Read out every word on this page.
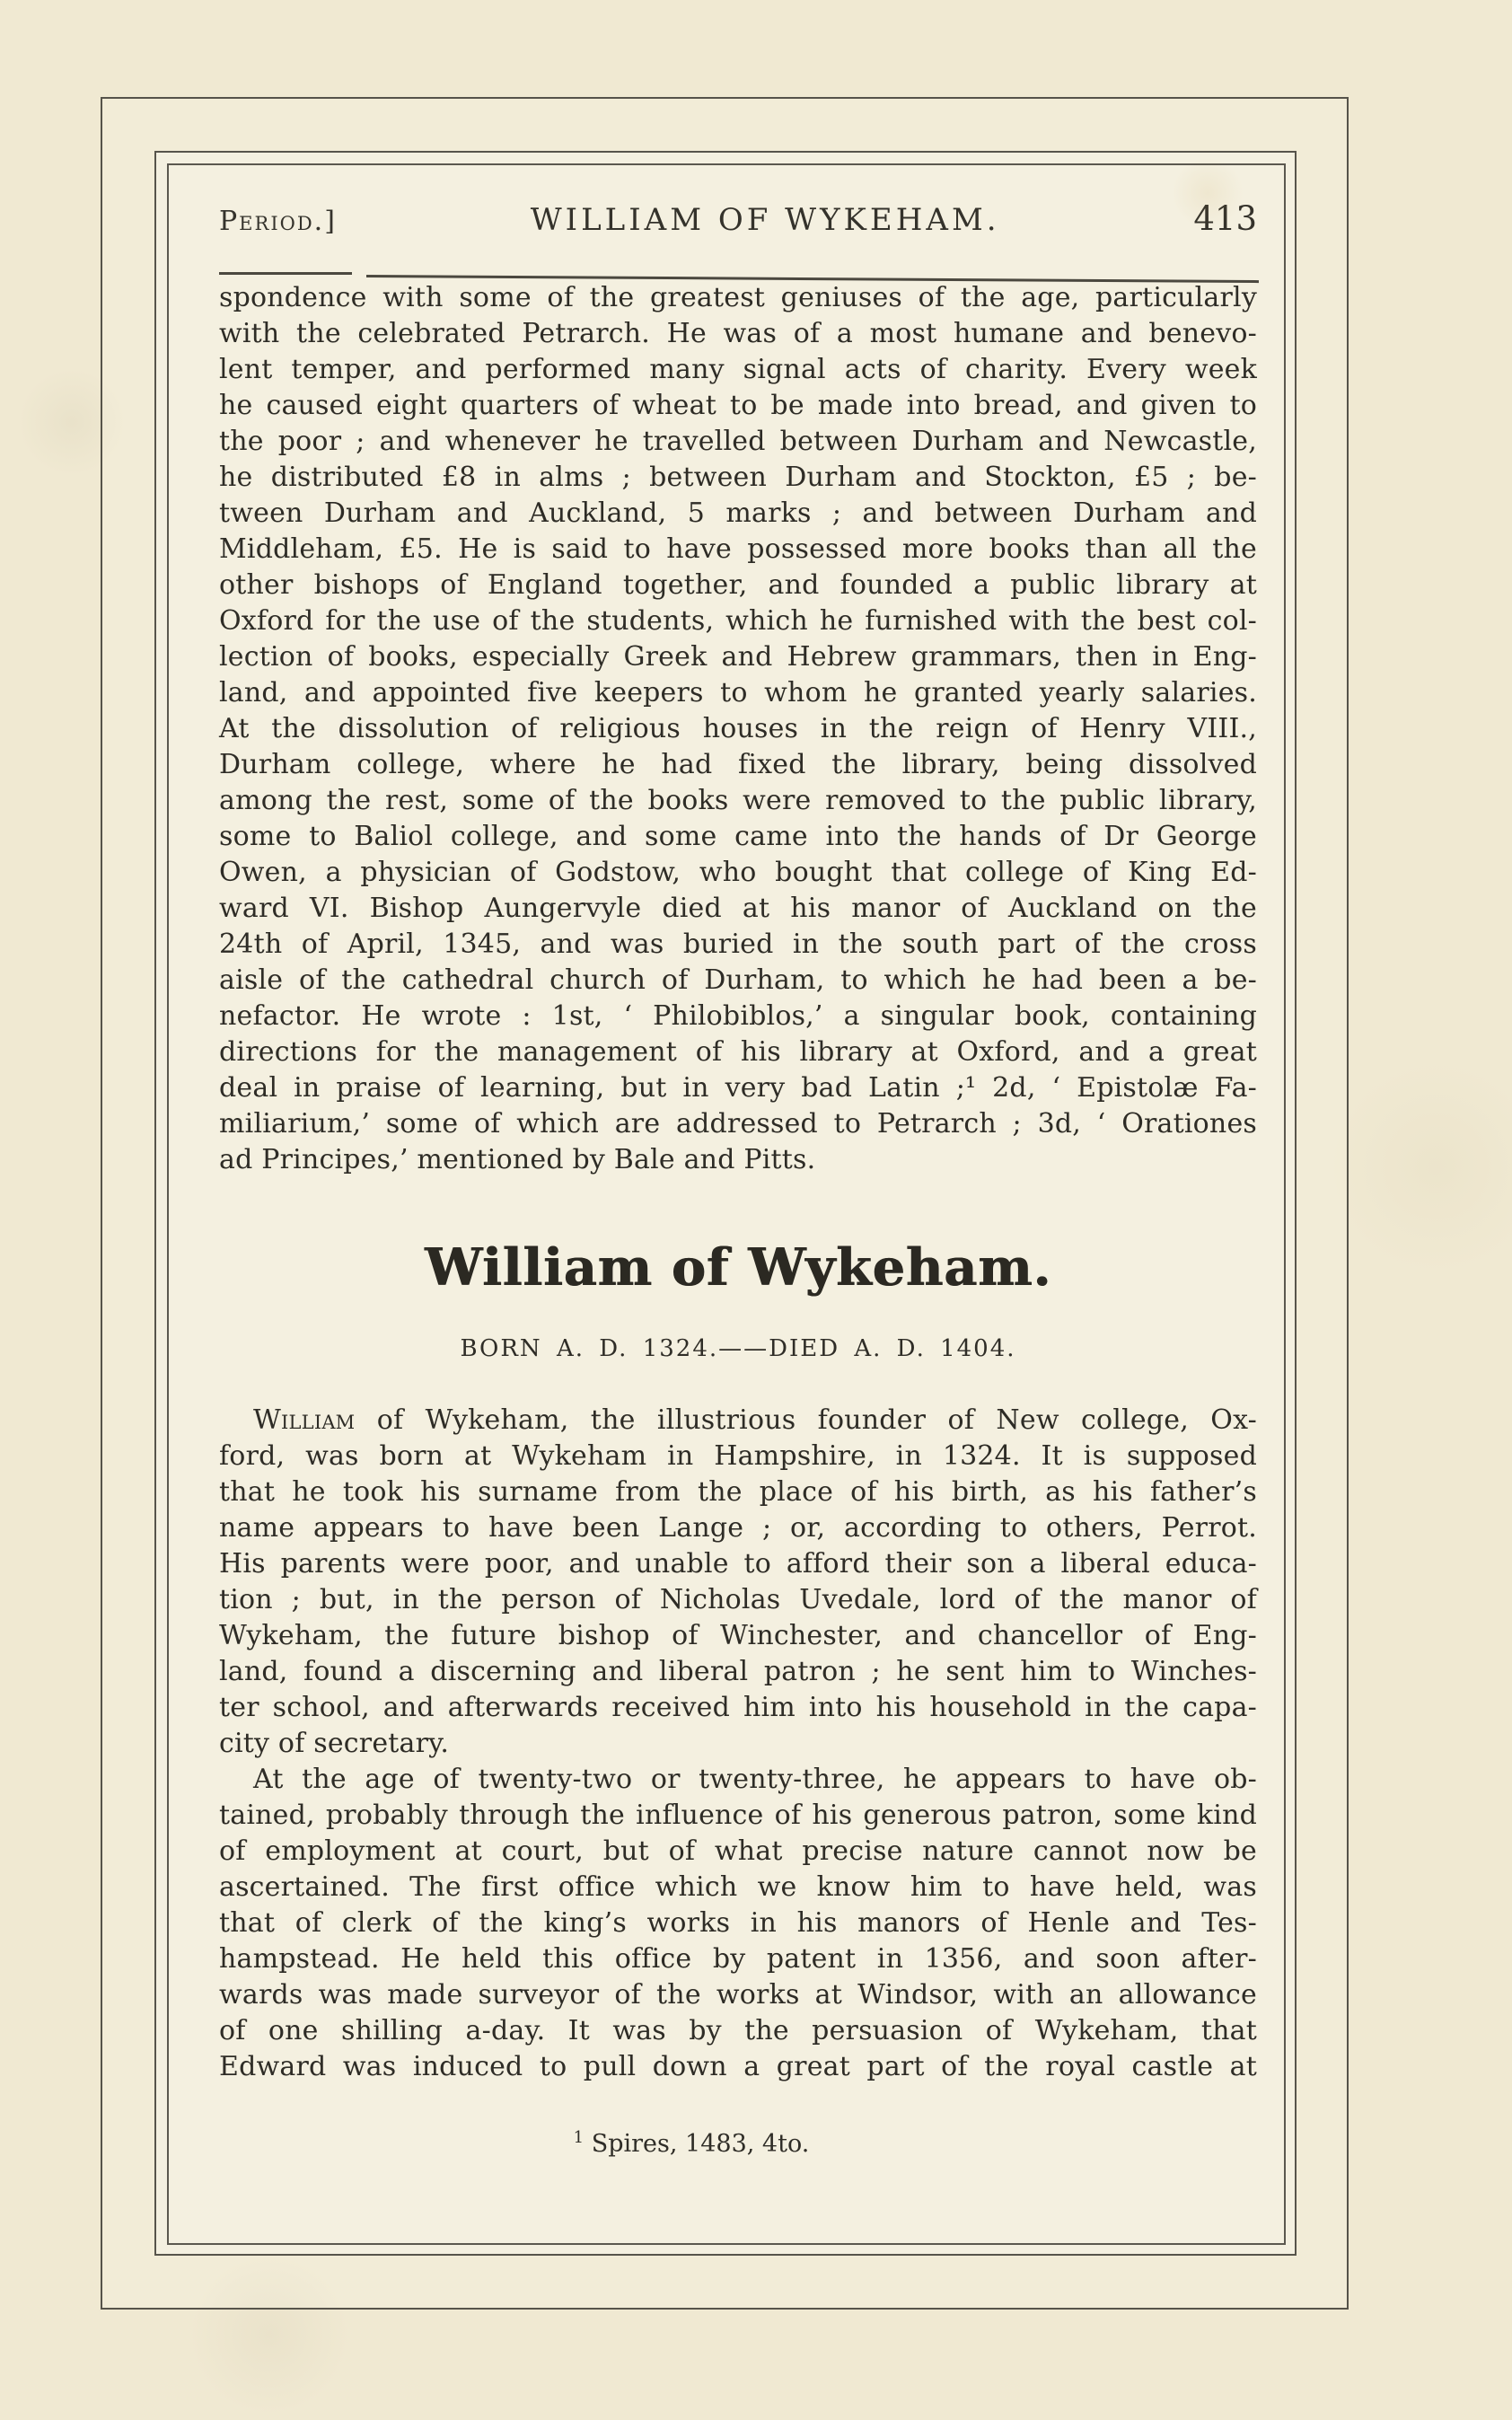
Period.]	WILLIAM OF WYKEHAM.	413
spondence with some of the greatest geniuses of the age, particularly
with the celebrated Petrarch. He was of a most humane and benevo-
lent temper, and performed many signal acts of charity. Every week
he caused eight quarters of wheat to be made into bread, and given to
the poor ; and whenever he travelled between Durham and Newcastle,
he distributed £8 in alms ; between Durham and Stockton, £5 ; be-
tween Durham and Auckland, 5 marks ; and between Durham and
Middleham, £5. He is said to have possessed more books than all the
other bishops of England together, and founded a public library at
Oxford for the use of the students, which he furnished with the best col-
lection of books, especially Greek and Hebrew grammars, then in Eng-
land, and appointed five keepers to whom he granted yearly salaries.
At the dissolution of religious houses in the reign of Henry VIII.,
Durham college, where he had fixed the library, being dissolved
among the rest, some of the books were removed to the public library,
some to Baliol college, and some came into the hands of Dr George
Owen, a physician of Godstow, who bought that college of King Ed-
ward VI. Bishop Aungervyle died at his manor of Auckland on the
24th of April, 1345, and was buried in the south part of the cross
aisle of the cathedral church of Durham, to which he had been a be-
nefactor. He wrote : 1st, ‘ Philobiblos,’ a singular book, containing
directions for the management of his library at Oxford, and a great
deal in praise of learning, but in very bad Latin ;¹ 2d, ‘ Epistolæ Fa-
miliarium,’ some of which are addressed to Petrarch ; 3d, ‘ Orationes
ad Principes,’ mentioned by Bale and Pitts.
William of Wykeham.
BORN A. D. 1324.——DIED A. D. 1404.
William of Wykeham, the illustrious founder of New college, Ox-
ford, was born at Wykeham in Hampshire, in 1324. It is supposed
that he took his surname from the place of his birth, as his father’s
name appears to have been Lange ; or, according to others, Perrot.
His parents were poor, and unable to afford their son a liberal educa-
tion ; but, in the person of Nicholas Uvedale, lord of the manor of
Wykeham, the future bishop of Winchester, and chancellor of Eng-
land, found a discerning and liberal patron ; he sent him to Winches-
ter school, and afterwards received him into his household in the capa-
city of secretary.
At the age of twenty-two or twenty-three, he appears to have ob-
tained, probably through the influence of his generous patron, some kind
of employment at court, but of what precise nature cannot now be
ascertained. The first office which we know him to have held, was
that of clerk of the king’s works in his manors of Henle and Tes-
hampstead. He held this office by patent in 1356, and soon after-
wards was made surveyor of the works at Windsor, with an allowance
of one shilling a-day. It was by the persuasion of Wykeham, that
Edward was induced to pull down a great part of the royal castle at
$^1$ Spires, 1483, 4to.
